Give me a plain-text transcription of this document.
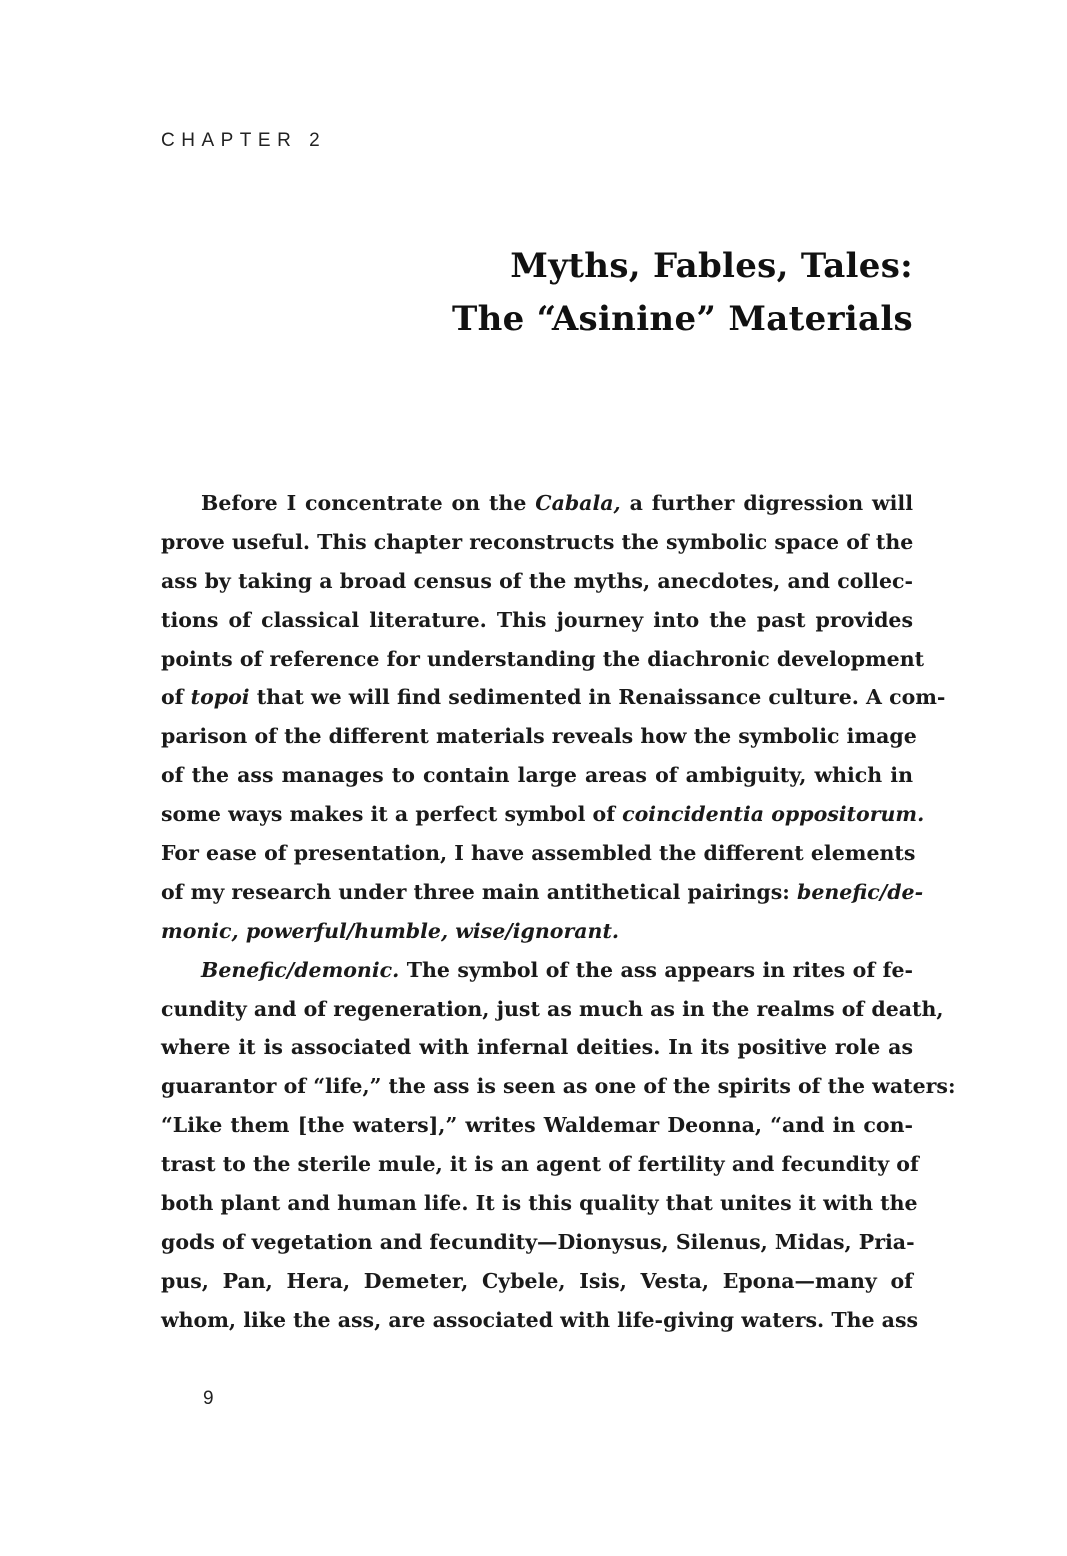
CHAPTER 2
Myths, Fables, Tales:
The “Asinine” Materials
Before I concentrate on the Cabala, a further digression will
prove useful. This chapter reconstructs the symbolic space of the
ass by taking a broad census of the myths, anecdotes, and collec-
tions of classical literature. This journey into the past provides
points of reference for understanding the diachronic development
of topoi that we will find sedimented in Renaissance culture. A com-
parison of the different materials reveals how the symbolic image
of the ass manages to contain large areas of ambiguity, which in
some ways makes it a perfect symbol of coincidentia oppositorum.
For ease of presentation, I have assembled the different elements
of my research under three main antithetical pairings: benefic/de-
monic, powerful/humble, wise/ignorant.
Benefic/demonic. The symbol of the ass appears in rites of fe-
cundity and of regeneration, just as much as in the realms of death,
where it is associated with infernal deities. In its positive role as
guarantor of “life,” the ass is seen as one of the spirits of the waters:
“Like them [the waters],” writes Waldemar Deonna, “and in con-
trast to the sterile mule, it is an agent of fertility and fecundity of
both plant and human life. It is this quality that unites it with the
gods of vegetation and fecundity—Dionysus, Silenus, Midas, Pria-
pus, Pan, Hera, Demeter, Cybele, Isis, Vesta, Epona—many of
whom, like the ass, are associated with life-giving waters. The ass
9
